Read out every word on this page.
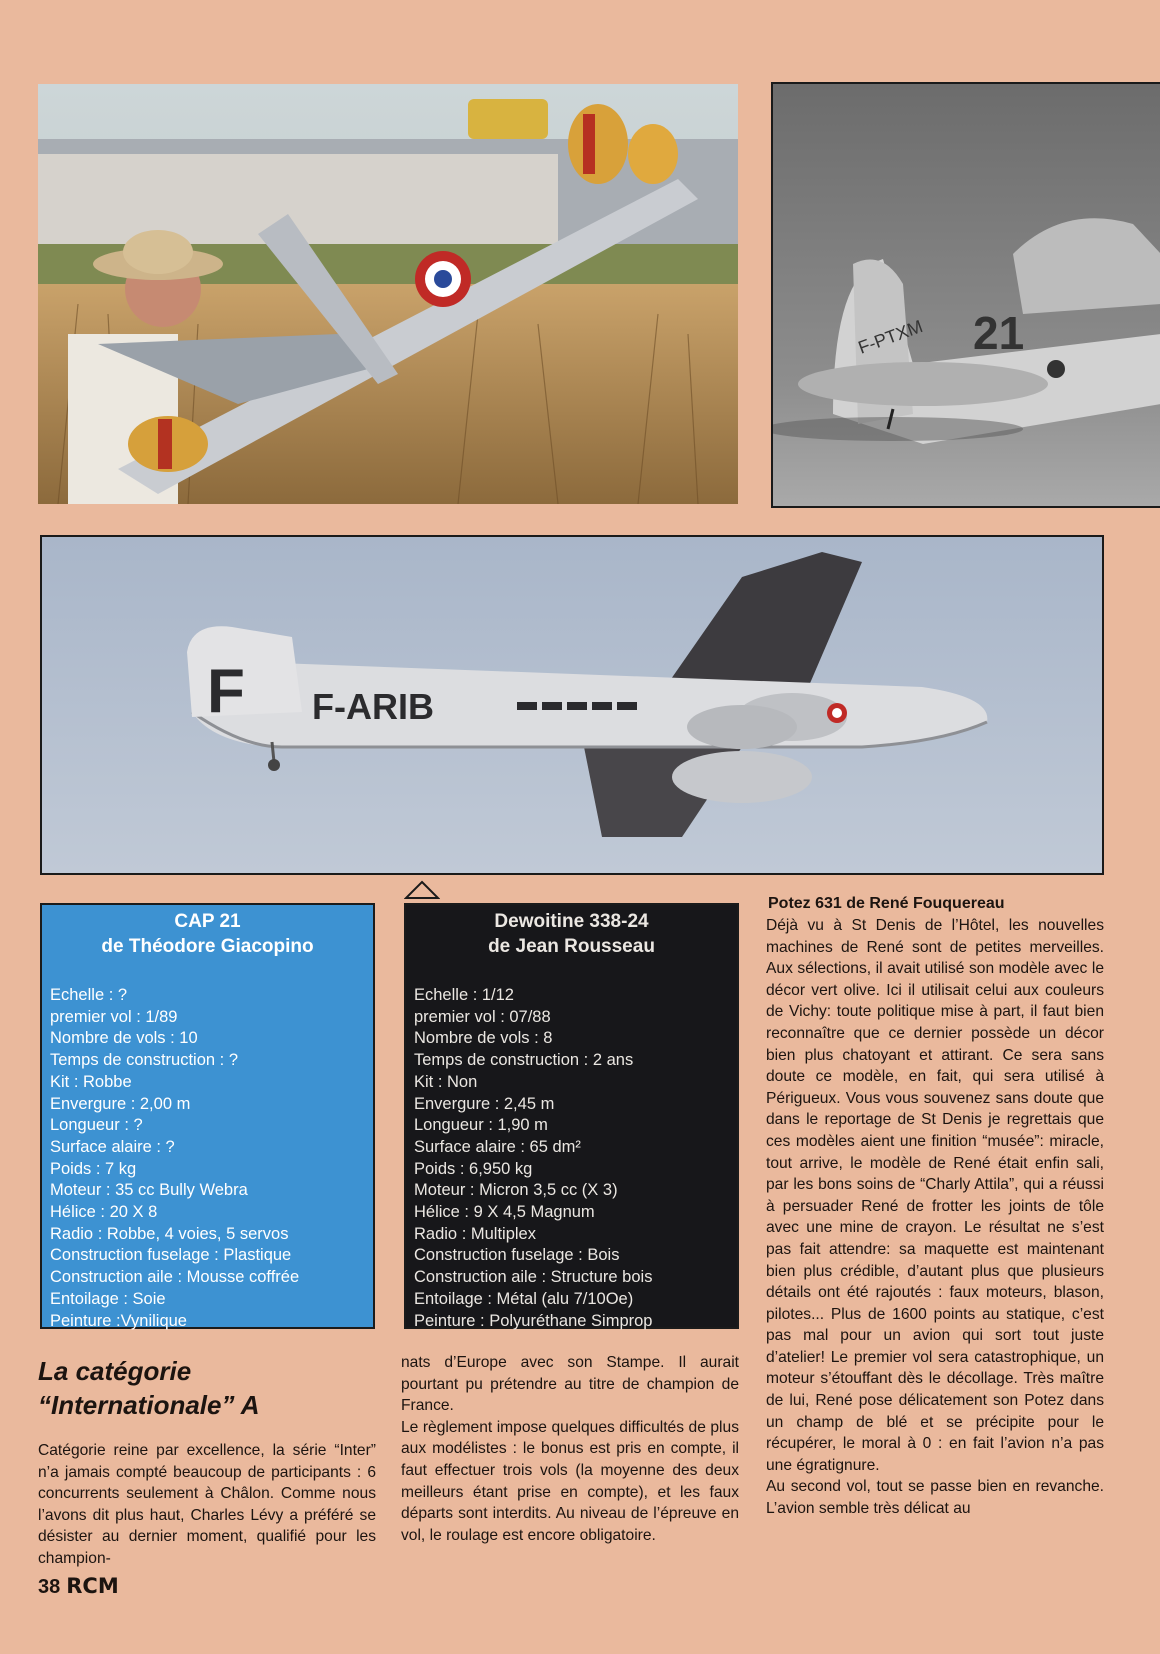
F-PTXM 21
F F-ARIB
CAP 21
de Théodore Giacopino
Echelle : ?
premier vol : 1/89
Nombre de vols : 10
Temps de construction : ?
Kit : Robbe
Envergure : 2,00 m
Longueur : ?
Surface alaire : ?
Poids : 7 kg
Moteur : 35 cc Bully Webra
Hélice : 20 X 8
Radio : Robbe, 4 voies, 5 servos
Construction fuselage : Plastique
Construction aile : Mousse coffrée
Entoilage : Soie
Peinture :Vynilique
Dewoitine 338-24
de Jean Rousseau
Echelle : 1/12
premier vol : 07/88
Nombre de vols : 8
Temps de construction : 2 ans
Kit : Non
Envergure : 2,45 m
Longueur : 1,90 m
Surface alaire : 65 dm²
Poids : 6,950 kg
Moteur : Micron 3,5 cc (X 3)
Hélice : 9 X 4,5 Magnum
Radio : Multiplex
Construction fuselage : Bois
Construction aile : Structure bois
Entoilage : Métal (alu 7/10Oe)
Peinture : Polyuréthane Simprop
Potez 631 de René Fouquereau

Déjà vu à St Denis de l’Hôtel, les nouvelles machines de René sont de petites merveilles. Aux sélections, il avait utilisé son modèle avec le décor vert olive. Ici il utilisait celui aux couleurs de Vichy: toute politique mise à part, il faut bien reconnaître que ce dernier possède un décor bien plus chatoyant et attirant. Ce sera sans doute ce modèle, en fait, qui sera utilisé à Périgueux. Vous vous souvenez sans doute que dans le reportage de St Denis je regrettais que ces modèles aient une finition “musée”: miracle, tout arrive, le modèle de René était enfin sali, par les bons soins de “Charly Attila”, qui a réussi à persuader René de frotter les joints de tôle avec une mine de crayon. Le résultat ne s’est pas fait attendre: sa maquette est maintenant bien plus crédible, d’autant plus que plusieurs détails ont été rajoutés : faux moteurs, blason, pilotes... Plus de 1600 points au statique, c’est pas mal pour un avion qui sort tout juste d’atelier! Le premier vol sera catastrophique, un moteur s’étouffant dès le décollage. Très maître de lui, René pose délicatement son Potez dans un champ de blé et se précipite pour le récupérer, le moral à 0 : en fait l’avion n’a pas une égratignure.

Au second vol, tout se passe bien en revanche. L’avion semble très délicat au

La catégorie
“Internationale” A

Catégorie reine par excellence, la série “Inter” n’a jamais compté beaucoup de participants : 6 concurrents seulement à Châlon. Comme nous l’avons dit plus haut, Charles Lévy a préféré se désister au dernier moment, qualifié pour les champion-

nats d’Europe avec son Stampe. Il aurait pourtant pu prétendre au titre de champion de France.

Le règlement impose quelques difficultés de plus aux modélistes : le bonus est pris en compte, il faut effectuer trois vols (la moyenne des deux meilleurs étant prise en compte), et les faux départs sont interdits. Au niveau de l’épreuve en vol, le roulage est encore obligatoire.

38 RCM
